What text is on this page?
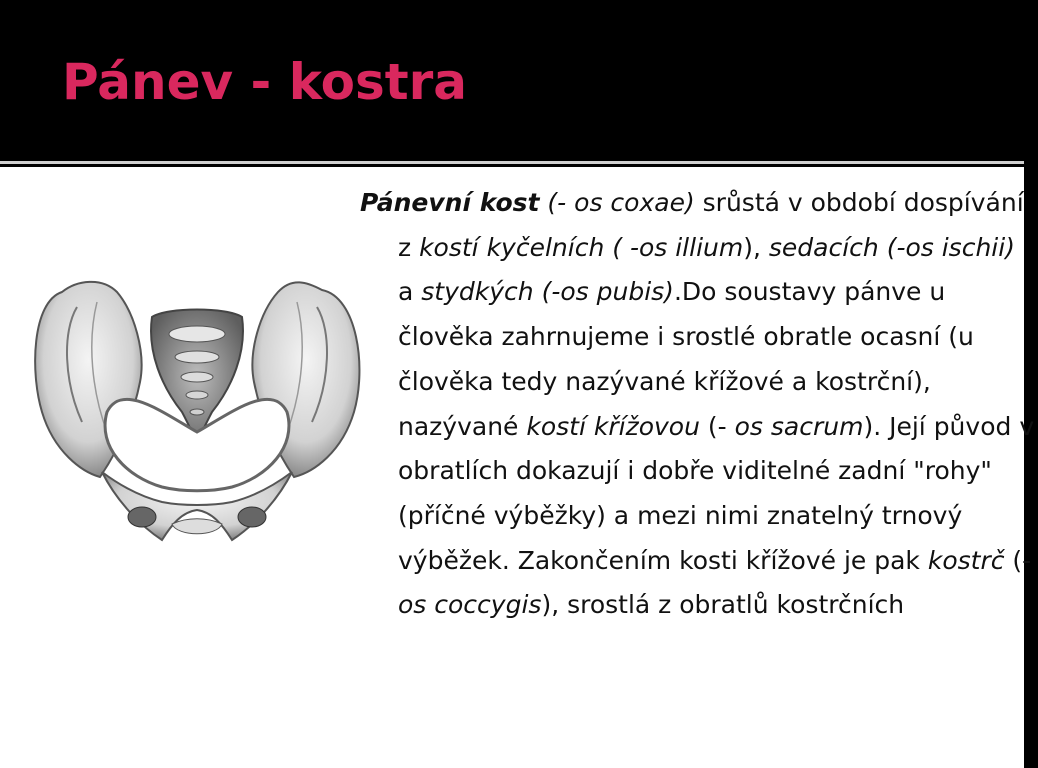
Pánev - kostra

Pánevní kost (- os coxae) srůstá v období dospívání z kostí kyčelních ( -os illium), sedacích (-os ischii) a stydkých (-os pubis).Do soustavy pánve u člověka zahrnujeme i srostlé obratle ocasní (u člověka tedy nazývané křížové a kostrční), nazývané kostí křížovou (- os sacrum). Její původ v obratlích dokazují i dobře viditelné zadní "rohy" (příčné výběžky) a mezi nimi znatelný trnový výběžek. Zakončením kosti křížové je pak kostrč (- os coccygis), srostlá z obratlů kostrčních
